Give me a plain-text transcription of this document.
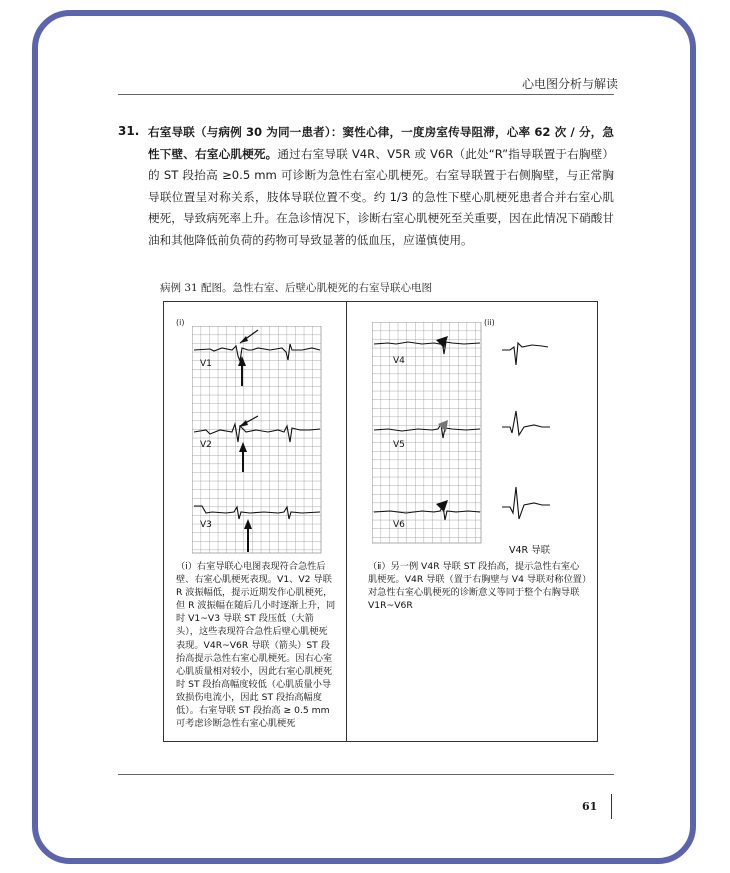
心电图分析与解读
31. 右室导联（与病例 30 为同一患者）：窦性心律，一度房室传导阻滞，心率 62 次 / 分，急性下壁、右室心肌梗死。通过右室导联 V4R、V5R 或 V6R（此处“R”指导联置于右胸壁）的 ST 段抬高 ≥0.5 mm 可诊断为急性右室心肌梗死。右室导联置于右侧胸壁，与正常胸导联位置呈对称关系，肢体导联位置不变。约 1/3 的急性下壁心肌梗死患者合并右室心肌梗死，导致病死率上升。在急诊情况下，诊断右室心肌梗死至关重要，因在此情况下硝酸甘油和其他降低前负荷的药物可导致显著的低血压，应谨慎使用。
病例 31 配图。急性右室、后壁心肌梗死的右室导联心电图
(i)
V1
V2
V3
（ⅰ）右室导联心电图表现符合急性后壁、右室心肌梗死表现。V1、V2 导联 R 波振幅低，提示近期发作心肌梗死，但 R 波振幅在随后几小时逐渐上升，同时 V1~V3 导联 ST 段压低（大箭头），这些表现符合急性后壁心肌梗死表现。V4R~V6R 导联（箭头）ST 段抬高提示急性右室心肌梗死。因右心室心肌质量相对较小，因此右室心肌梗死时 ST 段抬高幅度较低（心肌质量小导致损伤电流小，因此 ST 段抬高幅度低）。右室导联 ST 段抬高 ≥ 0.5 mm 可考虑诊断急性右室心肌梗死
(ii)
V4
V5
V6
V4R 导联
（ⅱ）另一例 V4R 导联 ST 段抬高，提示急性右室心肌梗死。V4R 导联（置于右胸壁与 V4 导联对称位置）对急性右室心肌梗死的诊断意义等同于整个右胸导联 V1R~V6R
61
